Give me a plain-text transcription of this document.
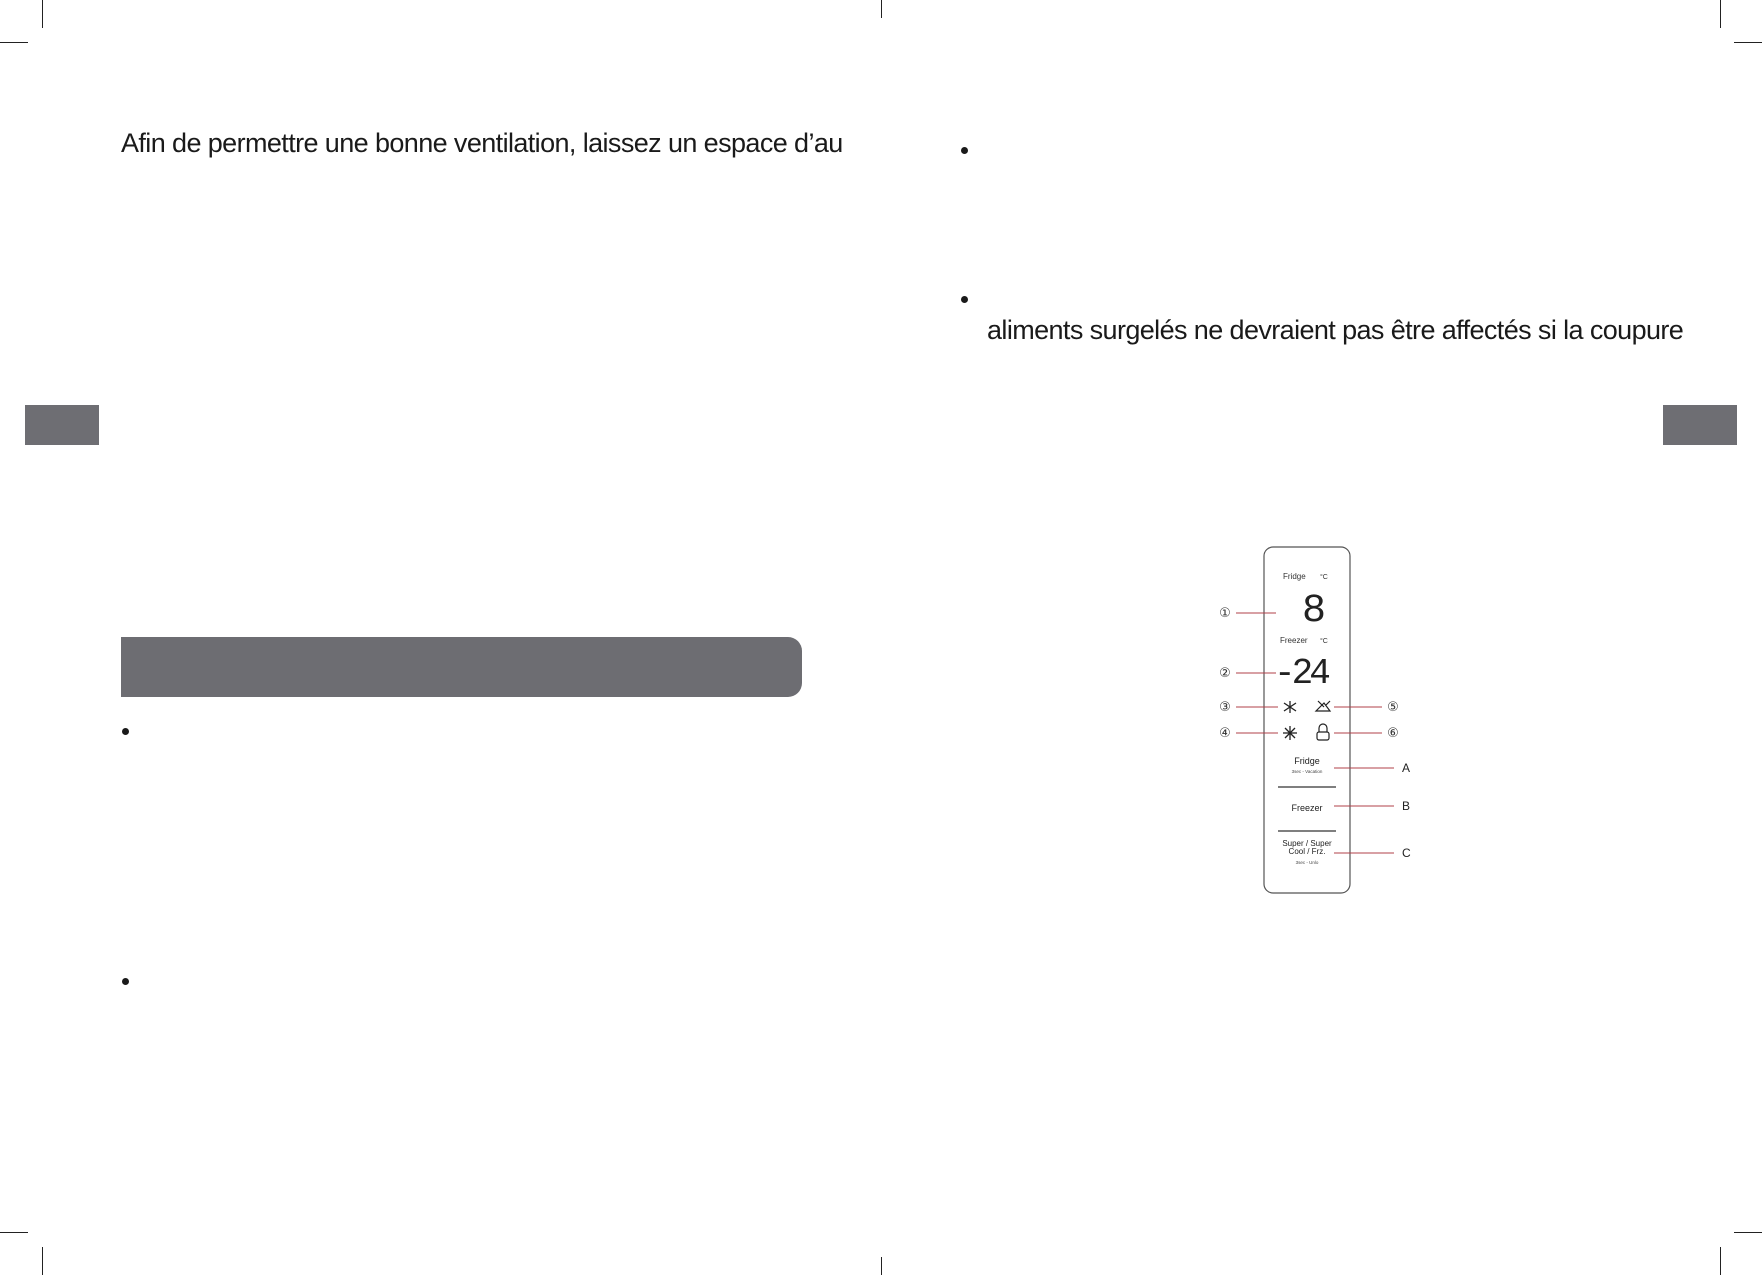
Afin de permettre une bonne ventilation, laissez un espace d’au
aliments surgelés ne devraient pas être affectés si la coupure
Fridge °C
8
Freezer °C
-24
Fridge
3sec - Vacation
Freezer
Super / Super
Cool / Frz.
3sec - Unlo
①
②
③
④
⑤
⑥
A
B
C
